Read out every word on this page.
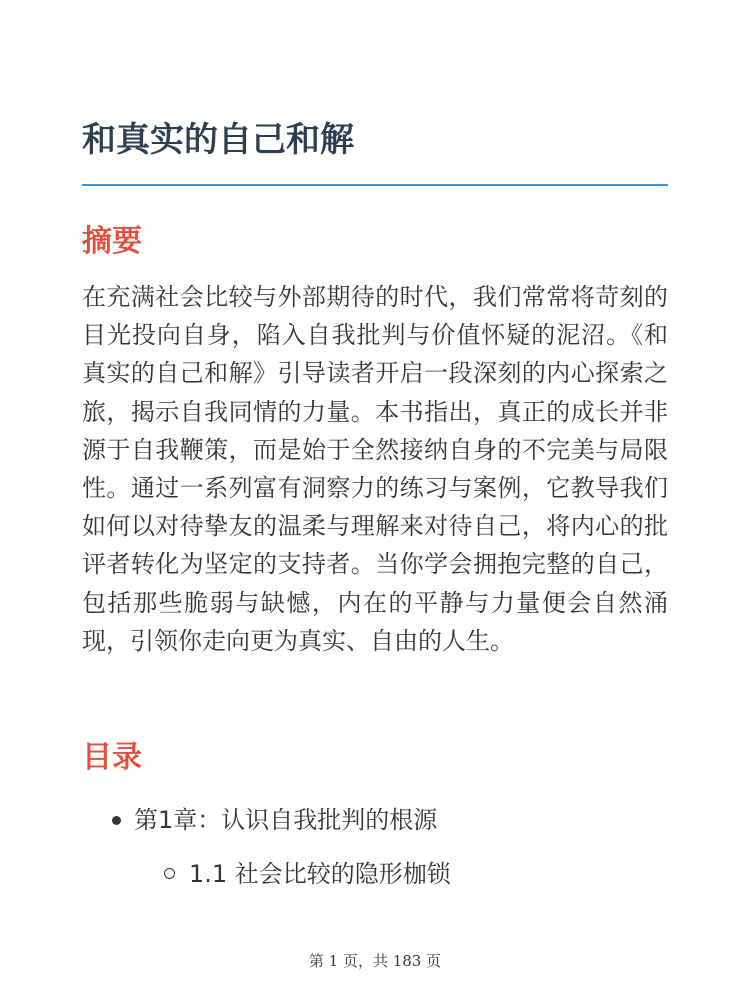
和真实的自己和解
摘要

在充满社会比较与外部期待的时代，我们常常将苛刻的目光投向自身，陷入自我批判与价值怀疑的泥沼。《和真实的自己和解》引导读者开启一段深刻的内心探索之旅，揭示自我同情的力量。本书指出，真正的成长并非源于自我鞭策，而是始于全然接纳自身的不完美与局限性。通过一系列富有洞察力的练习与案例，它教导我们如何以对待挚友的温柔与理解来对待自己，将内心的批评者转化为坚定的支持者。当你学会拥抱完整的自己，包括那些脆弱与缺憾，内在的平静与力量便会自然涌现，引领你走向更为真实、自由的人生。

目录
第1章：认识自我批判的根源
1.1 社会比较的隐形枷锁
第 1 页，共 183 页
